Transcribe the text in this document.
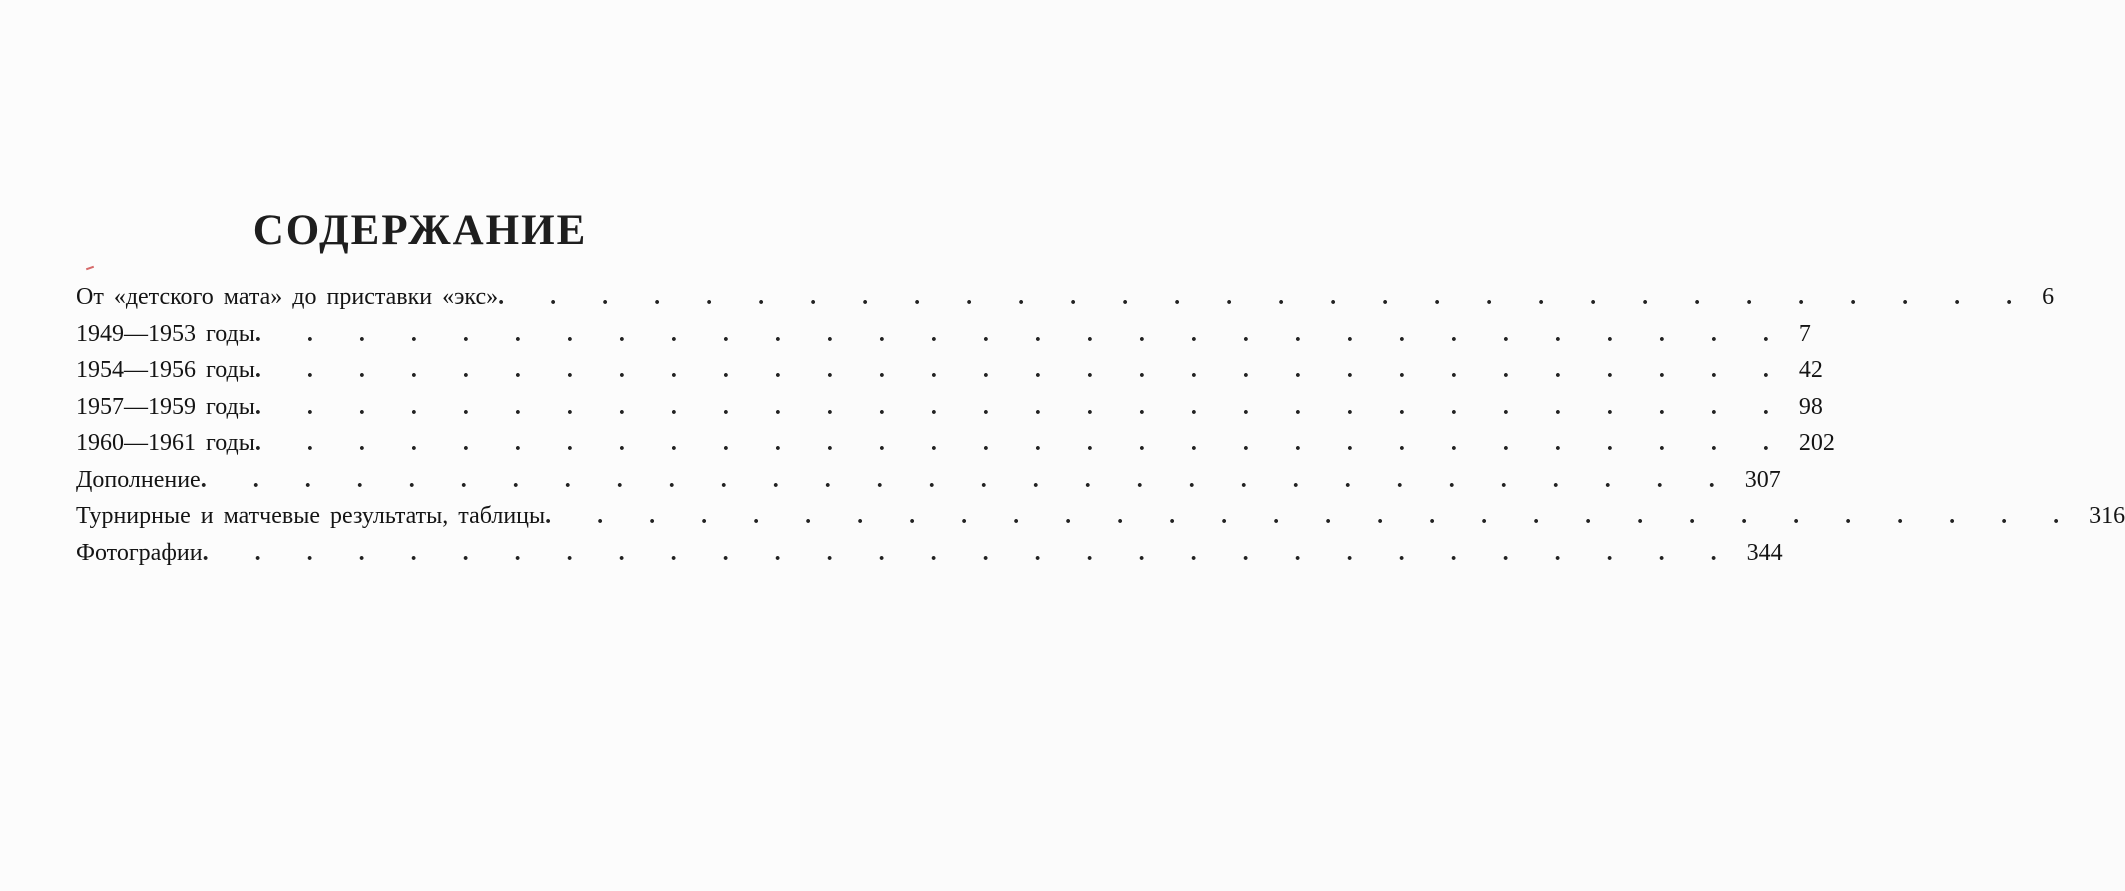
СОДЕРЖАНИЕ
От «детского мата» до приставки «экс» . . . . . . . . . . . . . . . . . . . . . . . . . . . . . . 6
1949—1953 годы . . . . . . . . . . . . . . . . . . . . . . . . . . . . . . 7
1954—1956 годы . . . . . . . . . . . . . . . . . . . . . . . . . . . . . . 42
1957—1959 годы . . . . . . . . . . . . . . . . . . . . . . . . . . . . . . 98
1960—1961 годы . . . . . . . . . . . . . . . . . . . . . . . . . . . . . . 202
Дополнение . . . . . . . . . . . . . . . . . . . . . . . . . . . . . . 307
Турнирные и матчевые результаты, таблицы . . . . . . . . . . . . . . . . . . . . . . . . . . . . . . 316
Фотографии . . . . . . . . . . . . . . . . . . . . . . . . . . . . . . 344
